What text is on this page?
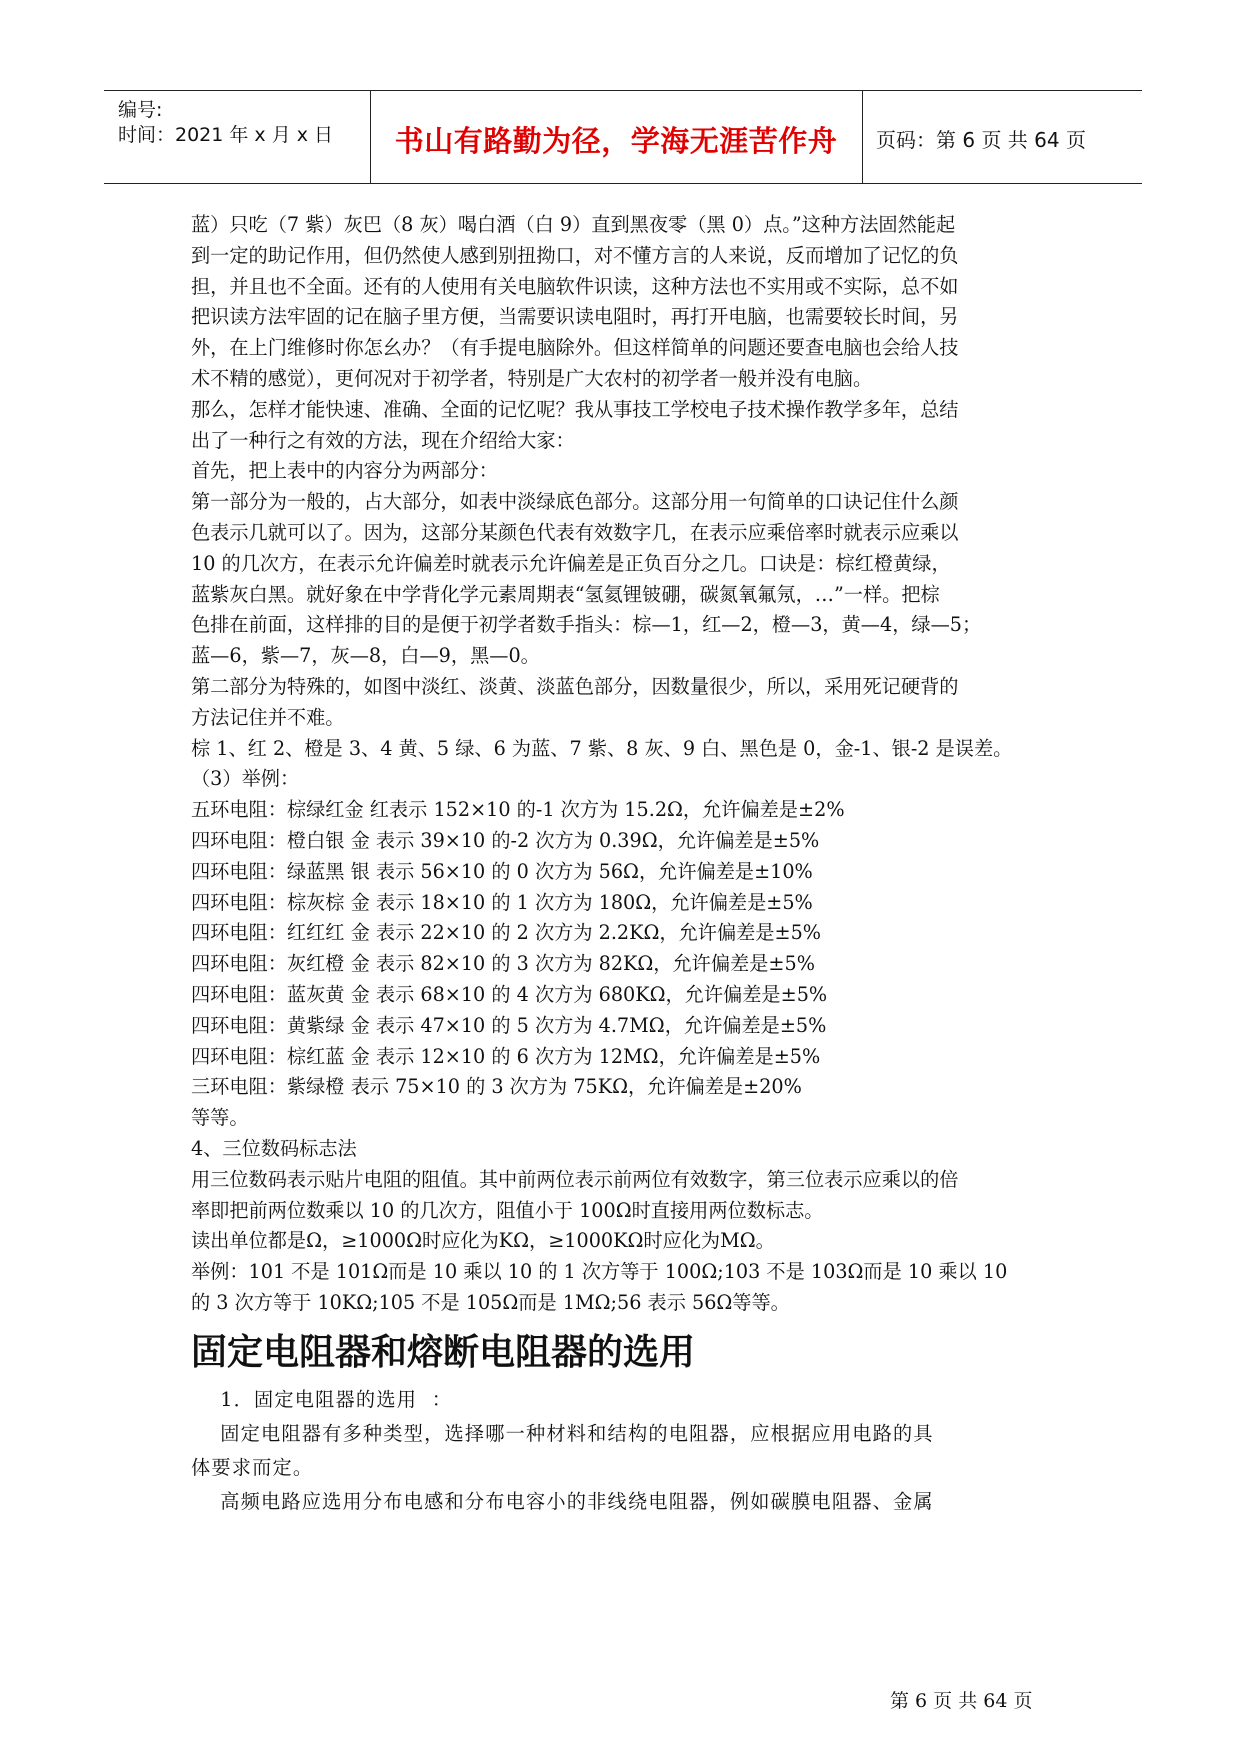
编号:
时间：2021 年 x 月 x 日	书山有路勤为径，学海无涯苦作舟	页码：第 6 页 共 64 页
蓝）只吃（7 紫）灰巴（8 灰）喝白酒（白 9）直到黑夜零（黑 0）点。”这种方法固然能起
到一定的助记作用，但仍然使人感到别扭拗口，对不懂方言的人来说，反而增加了记忆的负
担，并且也不全面。还有的人使用有关电脑软件识读，这种方法也不实用或不实际，总不如
把识读方法牢固的记在脑子里方便，当需要识读电阻时，再打开电脑，也需要较长时间，另
外，在上门维修时你怎幺办？（有手提电脑除外。但这样简单的问题还要查电脑也会给人技
术不精的感觉），更何况对于初学者，特别是广大农村的初学者一般并没有电脑。
那么，怎样才能快速、准确、全面的记忆呢？我从事技工学校电子技术操作教学多年，总结
出了一种行之有效的方法，现在介绍给大家：
首先，把上表中的内容分为两部分：
第一部分为一般的，占大部分，如表中淡绿底色部分。这部分用一句简单的口诀记住什么颜
色表示几就可以了。因为，这部分某颜色代表有效数字几，在表示应乘倍率时就表示应乘以
10 的几次方，在表示允许偏差时就表示允许偏差是正负百分之几。口诀是：棕红橙黄绿，
蓝紫灰白黑。就好象在中学背化学元素周期表“氢氦锂铍硼，碳氮氧氟氖，…”一样。把棕
色排在前面，这样排的目的是便于初学者数手指头：棕—1，红—2，橙—3，黄—4，绿—5；
蓝—6，紫—7，灰—8，白—9，黑—0。
第二部分为特殊的，如图中淡红、淡黄、淡蓝色部分，因数量很少，所以，采用死记硬背的
方法记住并不难。
棕 1、红 2、橙是 3、4 黄、5 绿、6 为蓝、7 紫、8 灰、9 白、黑色是 0，金-1、银-2 是误差。
（3）举例：
五环电阻：棕绿红金 红表示 152×10 的-1 次方为 15.2Ω，允许偏差是±2%
四环电阻：橙白银 金 表示 39×10 的-2 次方为 0.39Ω，允许偏差是±5%
四环电阻：绿蓝黑 银 表示 56×10 的 0 次方为 56Ω，允许偏差是±10%
四环电阻：棕灰棕 金 表示 18×10 的 1 次方为 180Ω，允许偏差是±5%
四环电阻：红红红 金 表示 22×10 的 2 次方为 2.2KΩ，允许偏差是±5%
四环电阻：灰红橙 金 表示 82×10 的 3 次方为 82KΩ，允许偏差是±5%
四环电阻：蓝灰黄 金 表示 68×10 的 4 次方为 680KΩ，允许偏差是±5%
四环电阻：黄紫绿 金 表示 47×10 的 5 次方为 4.7MΩ，允许偏差是±5%
四环电阻：棕红蓝 金 表示 12×10 的 6 次方为 12MΩ，允许偏差是±5%
三环电阻：紫绿橙 表示 75×10 的 3 次方为 75KΩ，允许偏差是±20%
等等。
4、三位数码标志法
用三位数码表示贴片电阻的阻值。其中前两位表示前两位有效数字，第三位表示应乘以的倍
率即把前两位数乘以 10 的几次方，阻值小于 100Ω时直接用两位数标志。
读出单位都是Ω，≥1000Ω时应化为KΩ，≥1000KΩ时应化为MΩ。
举例：101 不是 101Ω而是 10 乘以 10 的 1 次方等于 100Ω;103 不是 103Ω而是 10 乘以 10
的 3 次方等于 10KΩ;105 不是 105Ω而是 1MΩ;56 表示 56Ω等等。
固定电阻器和熔断电阻器的选用
1．固定电阻器的选用  ：
固定电阻器有多种类型，选择哪一种材料和结构的电阻器，应根据应用电路的具
体要求而定。
高频电路应选用分布电感和分布电容小的非线绕电阻器，例如碳膜电阻器、金属
第 6 页 共 64 页
